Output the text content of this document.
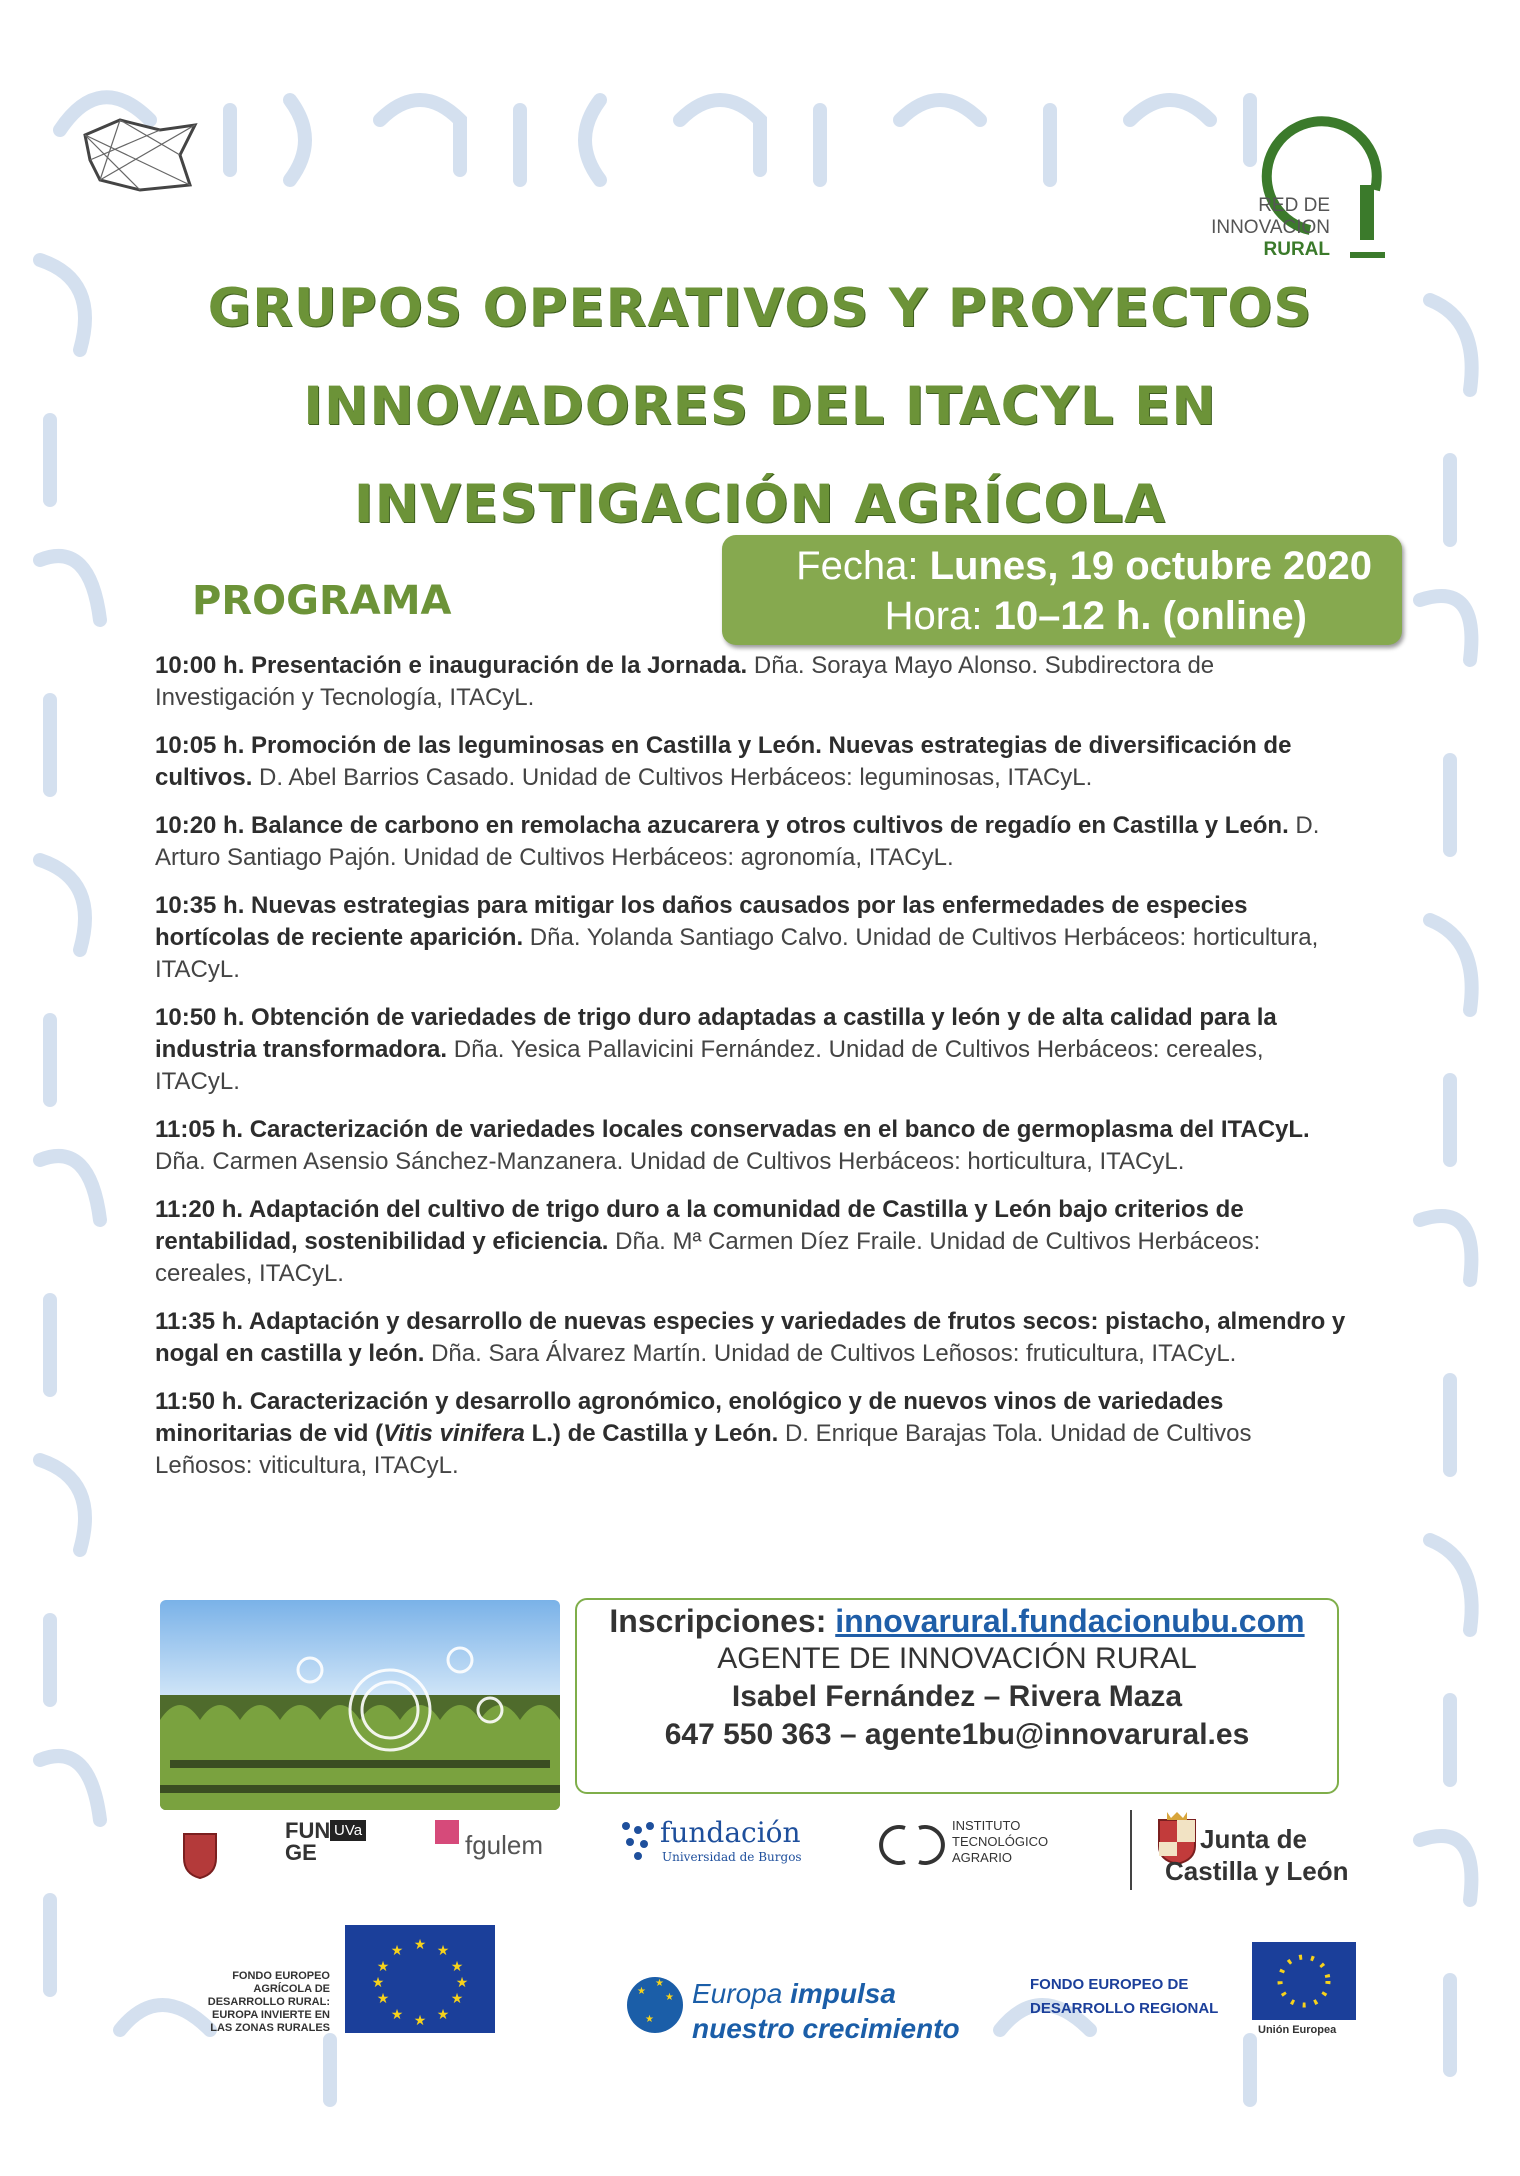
RED DE
INNOVACION
RURAL
GRUPOS OPERATIVOS Y PROYECTOS
INNOVADORES DEL ITACYL EN
INVESTIGACIÓN AGRÍCOLA
PROGRAMA
Fecha: Lunes, 19 octubre 2020
Hora: 10–12 h. (online)
10:00 h. Presentación e inauguración de la Jornada. Dña. Soraya Mayo Alonso. Subdirectora de Investigación y Tecnología, ITACyL.
10:05 h. Promoción de las leguminosas en Castilla y León. Nuevas estrategias de diversificación de cultivos. D. Abel Barrios Casado. Unidad de Cultivos Herbáceos: leguminosas, ITACyL.
10:20 h. Balance de carbono en remolacha azucarera y otros cultivos de regadío en Castilla y León. D. Arturo Santiago Pajón. Unidad de Cultivos Herbáceos: agronomía, ITACyL.
10:35 h. Nuevas estrategias para mitigar los daños causados por las enfermedades de especies hortícolas de reciente aparición. Dña. Yolanda Santiago Calvo. Unidad de Cultivos Herbáceos: horticultura, ITACyL.
10:50 h. Obtención de variedades de trigo duro adaptadas a castilla y león y de alta calidad para la industria transformadora. Dña. Yesica Pallavicini Fernández. Unidad de Cultivos Herbáceos: cereales, ITACyL.
11:05 h. Caracterización de variedades locales conservadas en el banco de germoplasma del ITACyL. Dña. Carmen Asensio Sánchez-Manzanera. Unidad de Cultivos Herbáceos: horticultura, ITACyL.
11:20 h. Adaptación del cultivo de trigo duro a la comunidad de Castilla y León bajo criterios de rentabilidad, sostenibilidad y eficiencia. Dña. Mª Carmen Díez Fraile. Unidad de Cultivos Herbáceos: cereales, ITACyL.
11:35 h. Adaptación y desarrollo de nuevas especies y variedades de frutos secos: pistacho, almendro y nogal en castilla y león. Dña. Sara Álvarez Martín. Unidad de Cultivos Leñosos: fruticultura, ITACyL.
11:50 h. Caracterización y desarrollo agronómico, enológico y de nuevos vinos de variedades minoritarias de vid (Vitis vinifera L.) de Castilla y León. D. Enrique Barajas Tola. Unidad de Cultivos Leñosos: viticultura, ITACyL.
Inscripciones: innovarural.fundacionubu.com
AGENTE DE INNOVACIÓN RURAL
Isabel Fernández – Rivera Maza
647 550 363 – agente1bu@innovarural.es
FUN
GE
UVa	fgulem	fundación
Universidad de Burgos
INSTITUTO
TECNOLÓGICO
AGRARIO
Junta de
Castilla y León
FONDO EUROPEO
AGRÍCOLA DE
DESARROLLO RURAL:
EUROPA INVIERTE EN
LAS ZONAS RURALES
★ ★
★
★
★
★
★
★
★
★
★
★
★
★
★
★
Europa impulsa
nuestro crecimiento
FONDO EUROPEO DE
DESARROLLO REGIONAL
Unión Europea
